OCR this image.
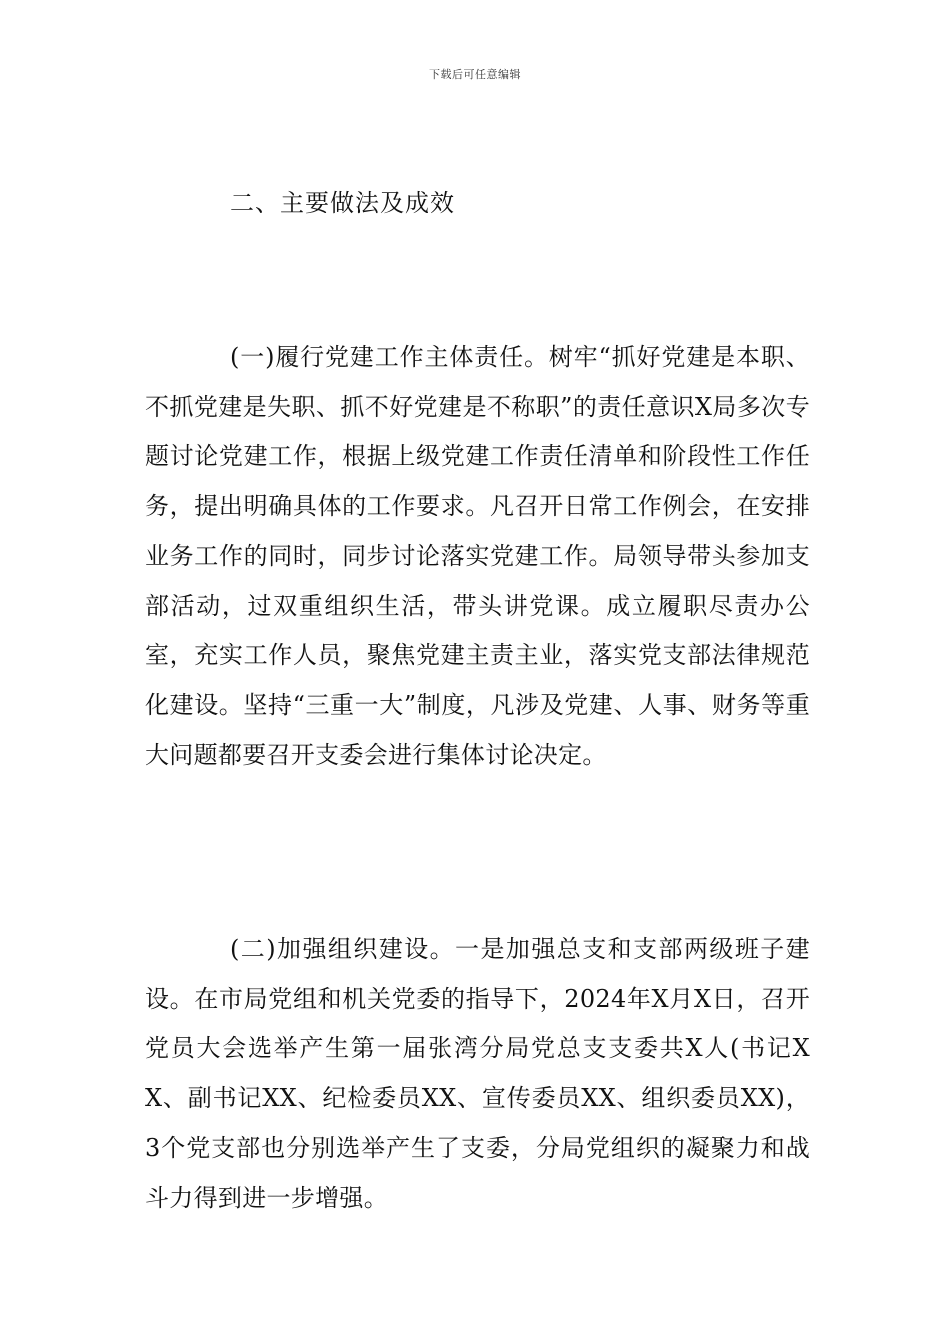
下载后可任意编辑
二、主要做法及成效

(一)履行党建工作主体责任。树牢“抓好党建是本职、不抓党建是失职、抓不好党建是不称职”的责任意识X局多次专题讨论党建工作，根据上级党建工作责任清单和阶段性工作任务，提出明确具体的工作要求。凡召开日常工作例会，在安排业务工作的同时，同步讨论落实党建工作。局领导带头参加支部活动，过双重组织生活，带头讲党课。成立履职尽责办公室，充实工作人员，聚焦党建主责主业，落实党支部法律规范化建设。坚持“三重一大”制度，凡涉及党建、人事、财务等重大问题都要召开支委会进行集体讨论决定。

(二)加强组织建设。一是加强总支和支部两级班子建设。在市局党组和机关党委的指导下，2024年X月X日，召开党员大会选举产生第一届张湾分局党总支支委共X人(书记XX、副书记XX、纪检委员XX、宣传委员XX、组织委员XX)，3个党支部也分别选举产生了支委，分局党组织的凝聚力和战斗力得到进一步增强。
